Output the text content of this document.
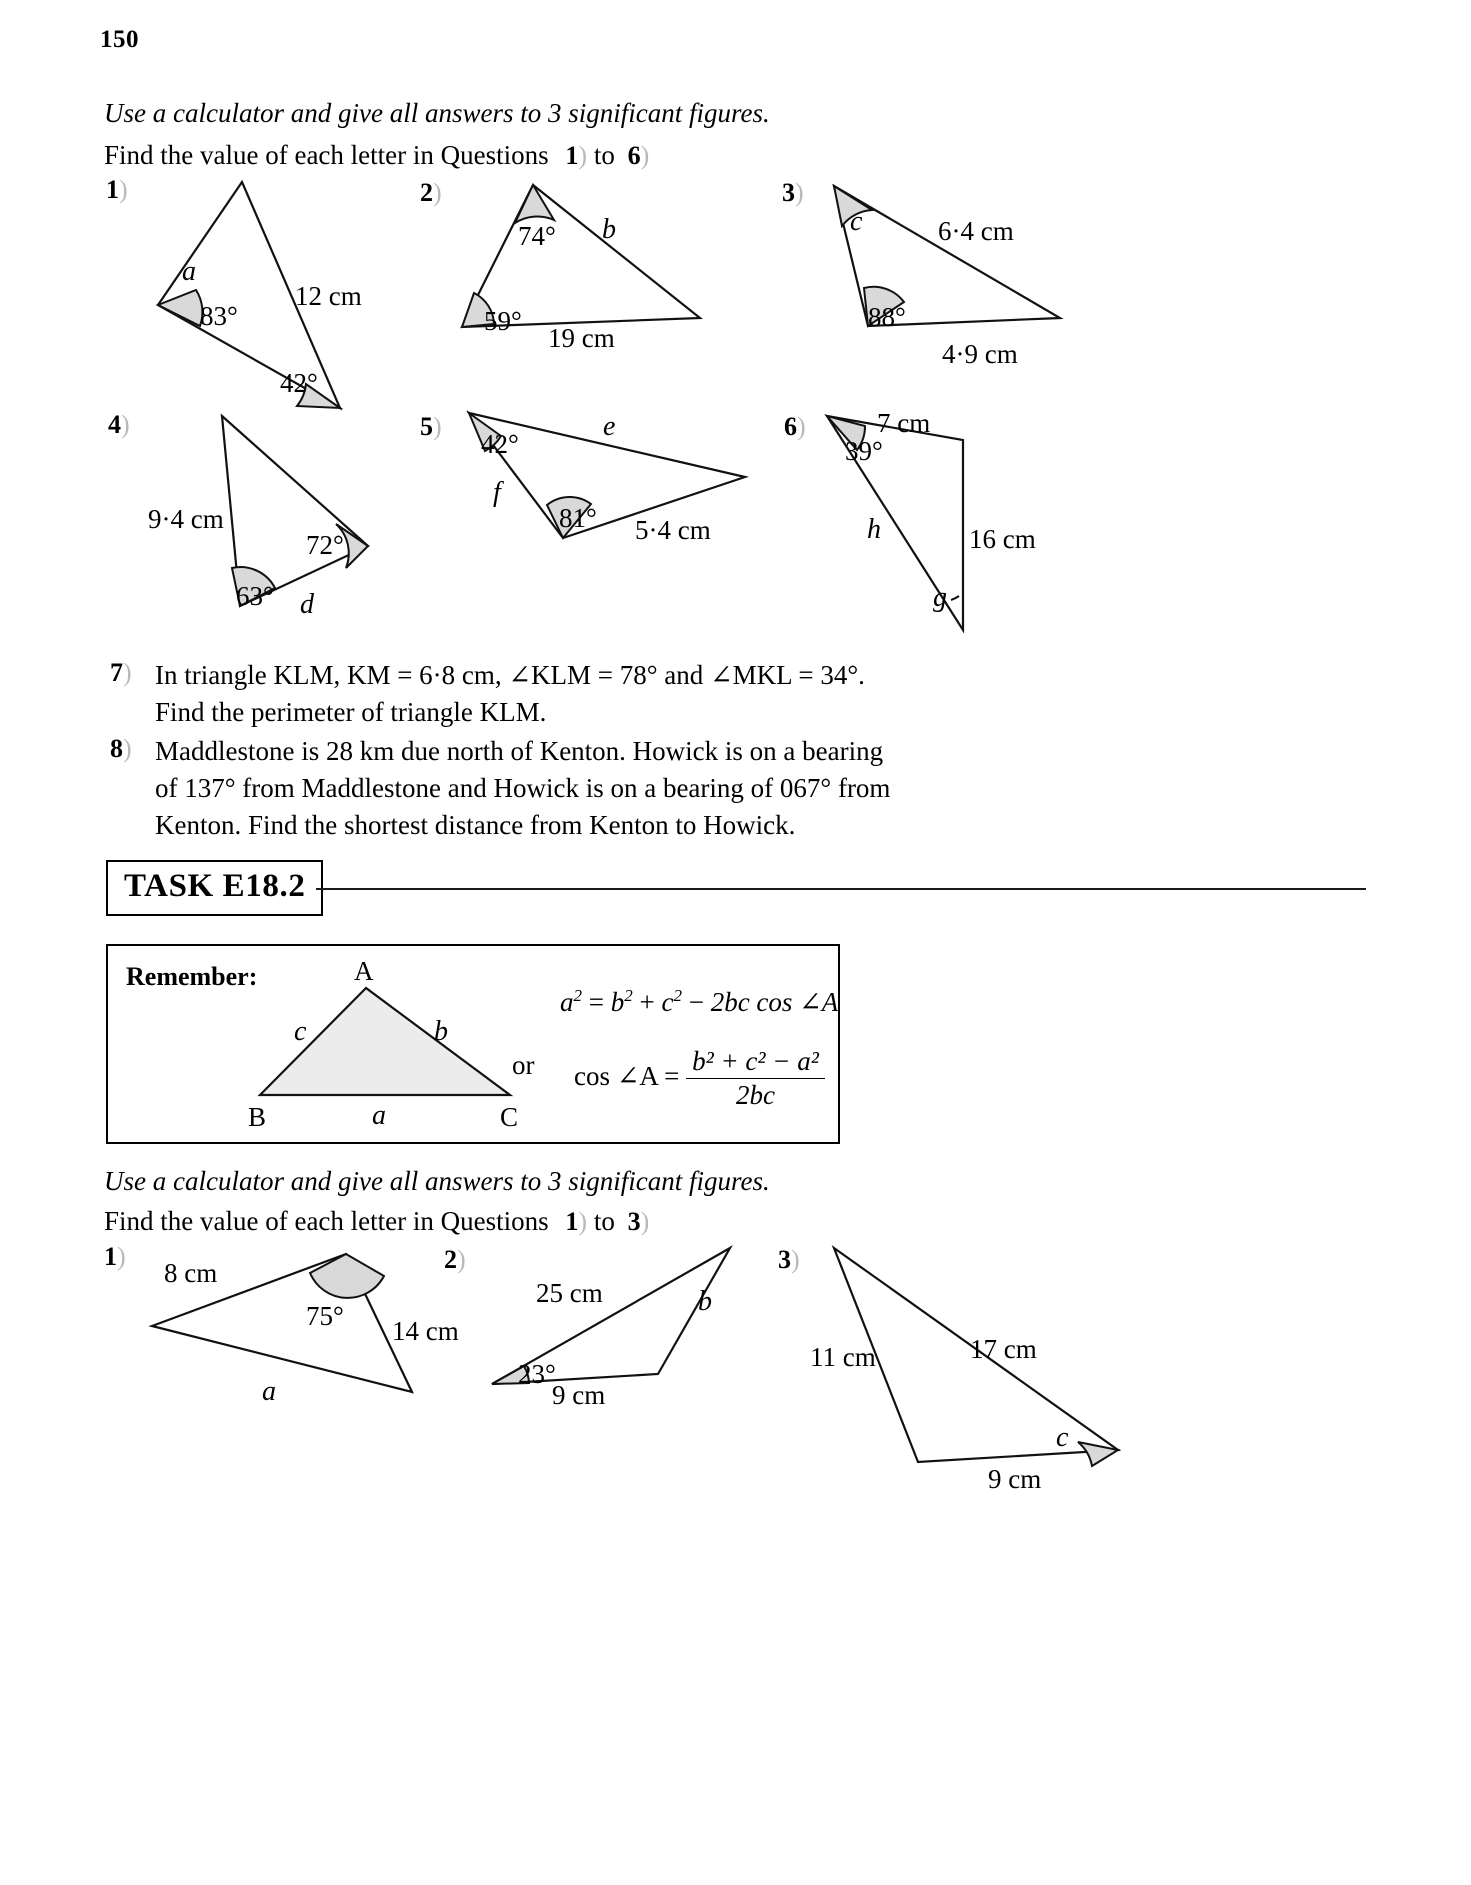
150
Use a calculator and give all answers to 3 significant figures.
Find the value of each letter in Questions 1) to 6)
1)
a
83°
42°
12 cm
2)
74° b
59°
19 cm
3)
c	6·4 cm
88°
4·9 cm
4)
9·4 cm
72°
63° d
5)
42°
e
f
81° 5·4 cm
6)
39°
7 cm
h	16 cm
g
7) In triangle KLM, KM = 6·8 cm, ∠KLM = 78° and ∠MKL = 34°.
Find the perimeter of triangle KLM.
8) Maddlestone is 28 km due north of Kenton. Howick is on a bearing
of 137° from Maddlestone and Howick is on a bearing of 067° from
Kenton. Find the shortest distance from Kenton to Howick.
TASK E18.2
Remember:	A
B	C
a
b
c
$a^2 = b^2 + c^2 - 2bc$ cos ∠A
or cos ∠A = $\frac{\text{b² + c² − a²}}{2bc}$
Use a calculator and give all answers to 3 significant figures.
Find the value of each letter in Questions 1) to 3)
1)
8 cm
75° 14 cm
a
2)
25 cm	b
23°
9 cm
3)
11 cm	17 cm
c
9 cm
